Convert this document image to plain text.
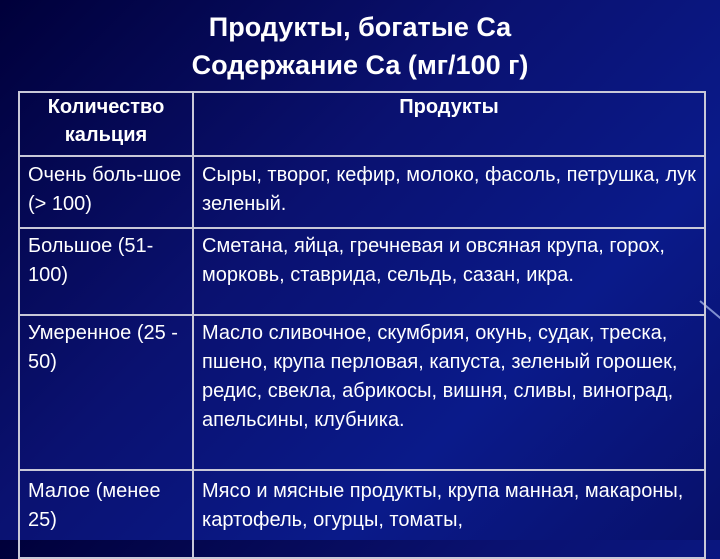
Продукты, богатые Са
Содержание Са (мг/100 г)
Количество кальция	Продукты
Очень боль-шое (> 100)	Сыры, творог, кефир, молоко, фасоль, петрушка, лук зеленый.
Большое (51-100)	Сметана, яйца, гречневая и овсяная крупа, горох, морковь, ставрида, сельдь, сазан, икра.
Умеренное (25 - 50)	Масло сливочное, скумбрия, окунь, судак, треска, пшено, крупа перловая, капуста, зеленый горошек, редис, свекла, абрикосы, вишня, сливы, виноград, апельсины, клубника.
Малое (менее 25)	Мясо и мясные продукты, крупа манная, макароны, картофель, огурцы, томаты,
